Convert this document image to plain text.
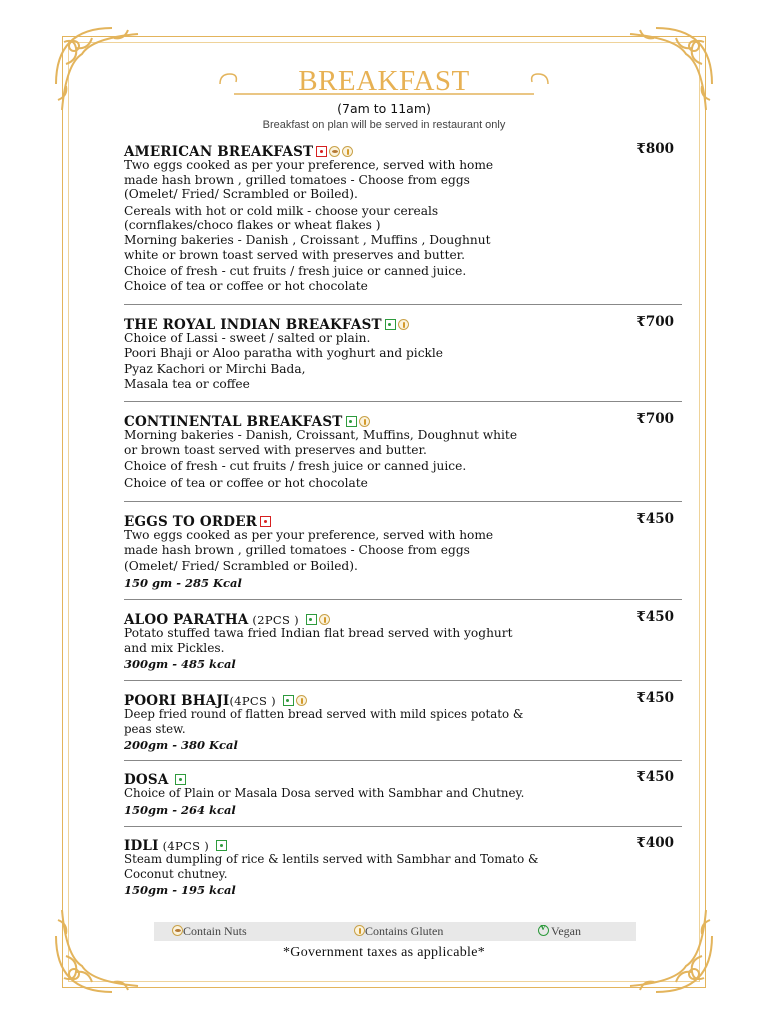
BREAKFAST
(7am to 11am)
Breakfast on plan will be served in restaurant only
AMERICAN BREAKFAST	₹800

Two eggs cooked as per your preference, served with home

made hash brown , grilled tomatoes - Choose from eggs

(Omelet/ Fried/ Scrambled or Boiled).

Cereals with hot or cold milk - choose your cereals

(cornflakes/choco flakes or wheat flakes )

Morning bakeries - Danish , Croissant , Muffins , Doughnut

white or brown toast served with preserves and butter.

Choice of fresh - cut fruits / fresh juice or canned juice.

Choice of tea or coffee or hot chocolate

THE ROYAL INDIAN BREAKFAST	₹700

Choice of Lassi - sweet / salted or plain.

Poori Bhaji or Aloo paratha with yoghurt and pickle

Pyaz Kachori or Mirchi Bada,

Masala tea or coffee

CONTINENTAL BREAKFAST	₹700

Morning bakeries - Danish, Croissant, Muffins, Doughnut white

or brown toast served with preserves and butter.

Choice of fresh - cut fruits / fresh juice or canned juice.

Choice of tea or coffee or hot chocolate

EGGS TO ORDER	₹450

Two eggs cooked as per your preference, served with home

made hash brown , grilled tomatoes - Choose from eggs

(Omelet/ Fried/ Scrambled or Boiled).

150 gm - 285 Kcal
ALOO PARATHA (2PCS )	₹450

Potato stuffed tawa fried Indian flat bread served with yoghurt

and mix Pickles.

300gm - 485 kcal
POORI BHAJI(4PCS )	₹450

Deep fried round of flatten bread served with mild spices potato &

peas stew.

200gm - 380 Kcal
DOSA	₹450

Choice of Plain or Masala Dosa served with Sambhar and Chutney.

150gm - 264 kcal
IDLI (4PCS )	₹400

Steam dumpling of rice & lentils served with Sambhar and Tomato &

Coconut chutney.

150gm - 195 kcal
Contain Nuts	Contains Gluten
v	Vegan
*Government taxes as applicable*
